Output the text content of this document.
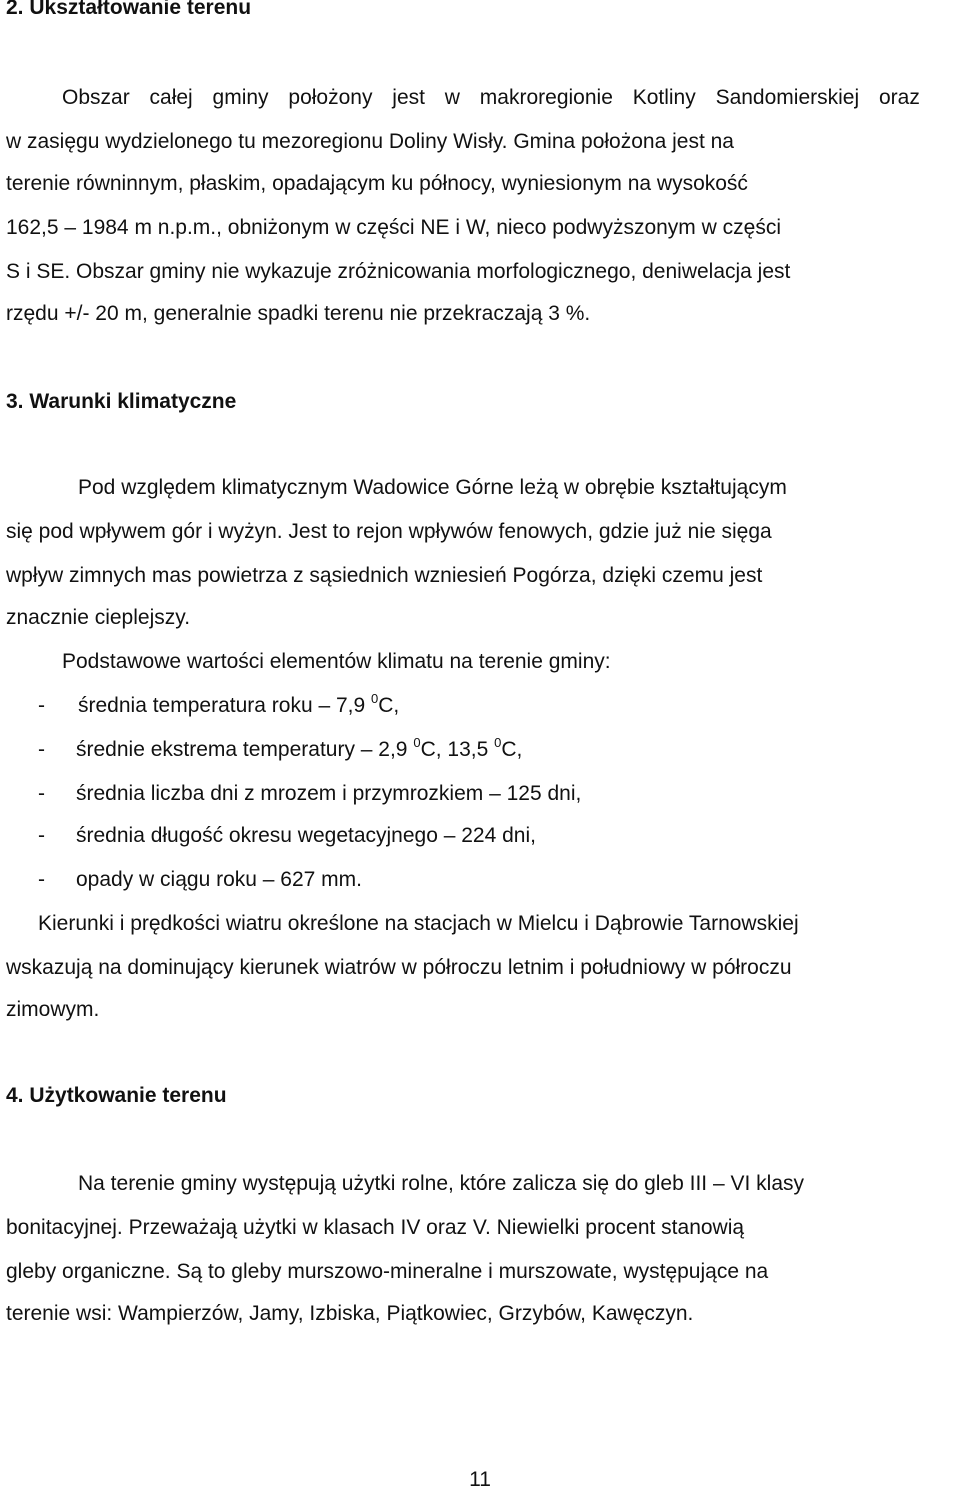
2. Ukształtowanie terenu
Obszar całej gminy położony jest w makroregionie Kotliny Sandomierskiej oraz
w zasięgu wydzielonego tu mezoregionu Doliny Wisły. Gmina położona jest na
terenie równinnym, płaskim, opadającym ku północy, wyniesionym na wysokość
162,5 – 1984 m n.p.m., obniżonym w części NE i W, nieco podwyższonym w części
S i SE. Obszar gminy nie wykazuje zróżnicowania morfologicznego, deniwelacja jest
rzędu +/- 20 m, generalnie spadki terenu nie przekraczają 3 %.
3. Warunki klimatyczne
Pod względem klimatycznym Wadowice Górne leżą w obrębie kształtującym
się pod wpływem gór i wyżyn. Jest to rejon wpływów fenowych, gdzie już nie sięga
wpływ zimnych mas powietrza z sąsiednich wzniesień Pogórza, dzięki czemu jest
znacznie cieplejszy.
Podstawowe wartości elementów klimatu na terenie gminy:
- średnia temperatura roku – 7,9 $^0$C,
- średnie ekstrema temperatury – 2,9 $^0$C, 13,5 $^0$C,
- średnia liczba dni z mrozem i przymrozkiem – 125 dni,
- średnia długość okresu wegetacyjnego – 224 dni,
- opady w ciągu roku – 627 mm.
Kierunki i prędkości wiatru określone na stacjach w Mielcu i Dąbrowie Tarnowskiej
wskazują na dominujący kierunek wiatrów w półroczu letnim i południowy w półroczu
zimowym.
4. Użytkowanie terenu
Na terenie gminy występują użytki rolne, które zalicza się do gleb III – VI klasy
bonitacyjnej. Przeważają użytki w klasach IV oraz V. Niewielki procent stanowią
gleby organiczne. Są to gleby murszowo-mineralne i murszowate, występujące na
terenie wsi: Wampierzów, Jamy, Izbiska, Piątkowiec, Grzybów, Kawęczyn.
11
